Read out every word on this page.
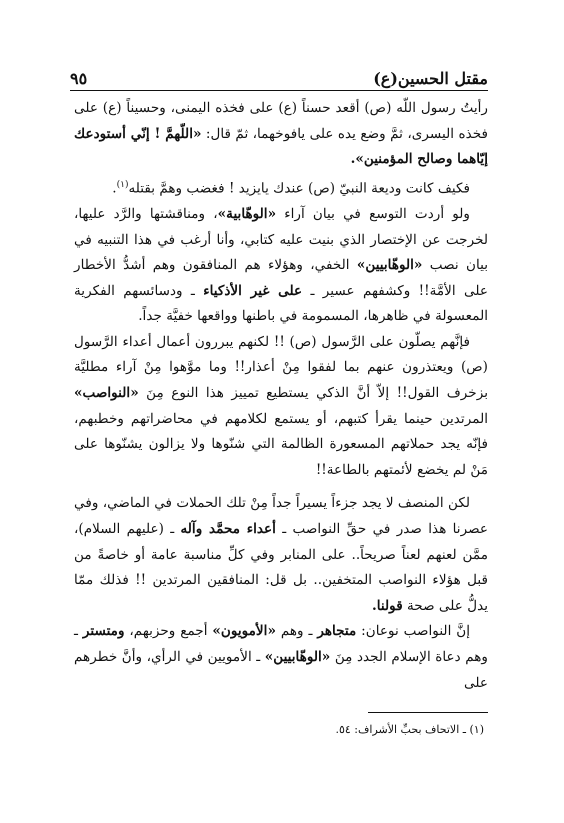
مقتل الحسين(ع)
٩٥

رأيتُ رسول اللّه (ص) أقعد حسناً (ع) على فخذه اليمنى، وحسيناً (ع) على فخذه اليسرى، ثمَّ وضع يده على يافوخهما، ثمّ قال: «اللّهمَّ ! إنّي أستودعك إيّاهما وصالح المؤمنين».

فكيف كانت وديعة النبيّ (ص) عندك يايزيد ! فغضب وهمَّ بقتله$^{(١)}$.

ولو أردت التوسع في بيان آراء «الوهّابية»، ومناقشتها والرَّد عليها، لخرجت عن الإختصار الذي بنيت عليه كتابي، وأنا أرغب في هذا التنبيه في بيان نصب «الوهّابيين» الخفي، وهؤلاء هم المنافقون وهم أشدُّ الأخطار على الأمَّة!! وكشفهم عسير ـ على غير الأذكياء ـ ودسائسهم الفكرية المعسولة في ظاهرها، المسمومة في باطنها وواقعها خفيَّة جداً.

فإنَّهم يصلّون على الرَّسول (ص) !! لكنهم يبررون أعمال أعداء الرَّسول (ص) ويعتذرون عنهم بما لفقوا مِنْ أعذار!! وما موَّهوا مِنْ آراء مطليَّة بزخرف القول!! إلاّ أنَّ الذكي يستطيع تمييز هذا النوع مِنَ «النواصب» المرتدين حينما يقرأ كتبهم، أو يستمع لكلامهم في محاضراتهم وخطبهم، فإنّه يجد حملاتهم المسعورة الظالمة التي شنّوها ولا يزالون يشنّوها على مَنْ لم يخضع لأئمتهم بالطاعة!!

لكن المنصف لا يجد جزءاً يسيراً جداً مِنْ تلك الحملات في الماضي، وفي عصرنا هذا صدر في حقِّ النواصب ـ أعداء محمَّد وآله ـ (عليهم السلام)، ممَّن لعنهم لعناً صريحاً.. على المنابر وفي كلِّ مناسبة عامة أو خاصةً من قبل هؤلاء النواصب المتخفين.. بل قل: المنافقين المرتدين !! فذلك ممّا يدلُّ على صحة قولنا.

إنَّ النواصب نوعان: متجاهر ـ وهم «الأمويون» أجمع وحزبهم، ومتستر ـ وهم دعاة الإسلام الجدد مِنَ «الوهّابيين» ـ الأمويين في الرأي، وأنَّ خطرهم على

(١) ـ الاتحاف بحبِّ الأشراف: ٥٤.
